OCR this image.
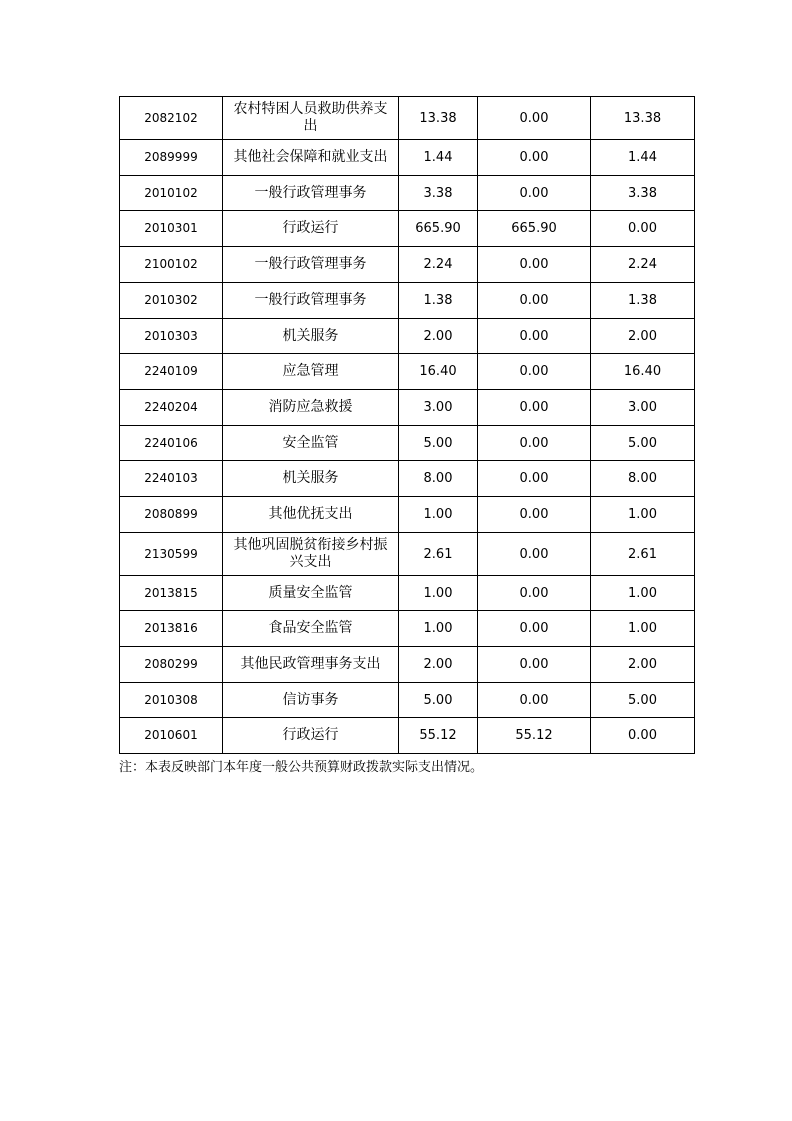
2082102	农村特困人员救助供养支出	13.38	0.00	13.38
2089999	其他社会保障和就业支出	1.44	0.00	1.44
2010102	一般行政管理事务	3.38	0.00	3.38
2010301	行政运行	665.90	665.90	0.00
2100102	一般行政管理事务	2.24	0.00	2.24
2010302	一般行政管理事务	1.38	0.00	1.38
2010303	机关服务	2.00	0.00	2.00
2240109	应急管理	16.40	0.00	16.40
2240204	消防应急救援	3.00	0.00	3.00
2240106	安全监管	5.00	0.00	5.00
2240103	机关服务	8.00	0.00	8.00
2080899	其他优抚支出	1.00	0.00	1.00
2130599	其他巩固脱贫衔接乡村振兴支出	2.61	0.00	2.61
2013815	质量安全监管	1.00	0.00	1.00
2013816	食品安全监管	1.00	0.00	1.00
2080299	其他民政管理事务支出	2.00	0.00	2.00
2010308	信访事务	5.00	0.00	5.00
2010601	行政运行	55.12	55.12	0.00
注：本表反映部门本年度一般公共预算财政拨款实际支出情况。
